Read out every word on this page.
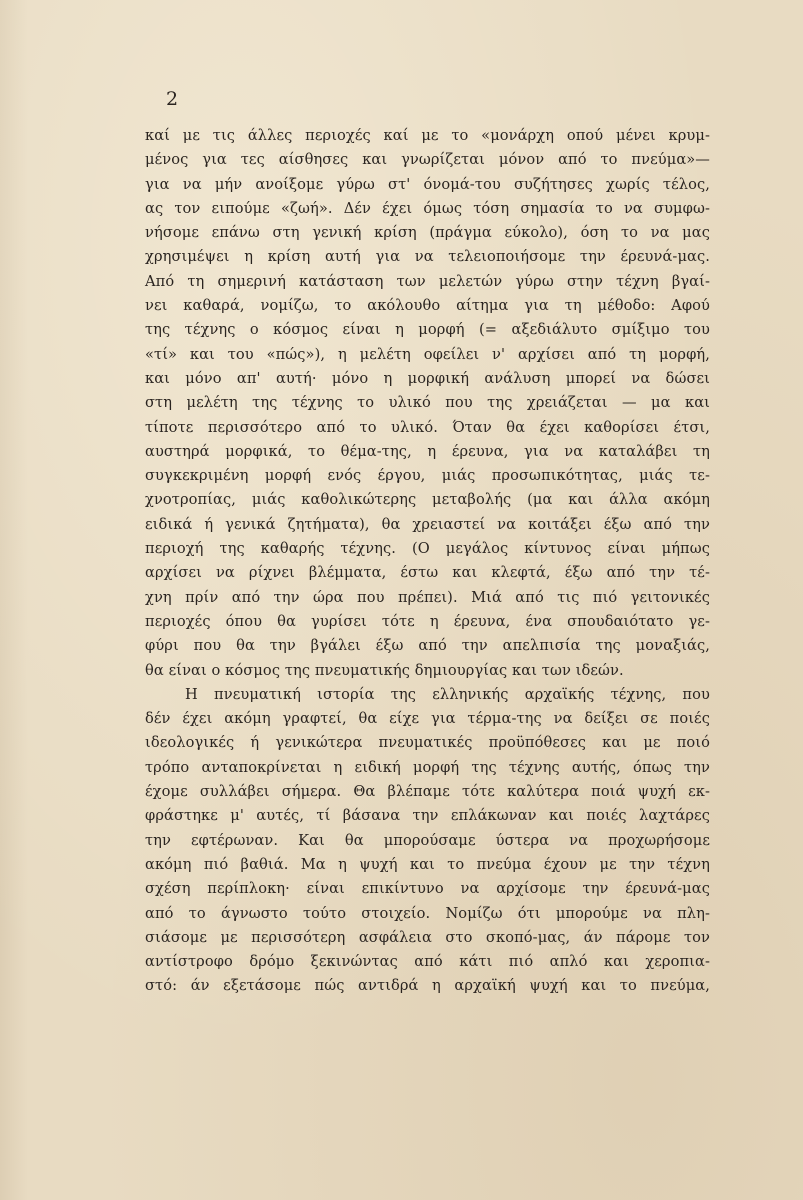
2
καί με τις άλλες περιοχές καί με το «μονάρχη οπού μένει κρυμ-
μένος για τες αίσθησες και γνωρίζεται μόνον από το πνεύμα»—
για να μήν ανοίξομε γύρω στ' όνομά-του συζήτησες χωρίς τέλος,
ας τον ειπούμε «ζωή». Δέν έχει όμως τόση σημασία το να συμφω-
νήσομε επάνω στη γενική κρίση (πράγμα εύκολο), όση το να μας
χρησιμέψει η κρίση αυτή για να τελειοποιήσομε την έρευνά-μας.
Από τη σημερινή κατάσταση των μελετών γύρω στην τέχνη βγαί-
νει καθαρά, νομίζω, το ακόλουθο αίτημα για τη μέθοδο: Αφού
της τέχνης ο κόσμος είναι η μορφή (= αξεδιάλυτο σμίξιμο του
«τί» και του «πώς»), η μελέτη οφείλει ν' αρχίσει από τη μορφή,
και μόνο απ' αυτή· μόνο η μορφική ανάλυση μπορεί να δώσει
στη μελέτη της τέχνης το υλικό που της χρειάζεται — μα και
τίποτε περισσότερο από το υλικό. Όταν θα έχει καθορίσει έτσι,
αυστηρά μορφικά, το θέμα-της, η έρευνα, για να καταλάβει τη
συγκεκριμένη μορφή ενός έργου, μιάς προσωπικότητας, μιάς τε-
χνοτροπίας, μιάς καθολικώτερης μεταβολής (μα και άλλα ακόμη
ειδικά ή γενικά ζητήματα), θα χρειαστεί να κοιτάξει έξω από την
περιοχή της καθαρής τέχνης. (Ο μεγάλος κίντυνος είναι μήπως
αρχίσει να ρίχνει βλέμματα, έστω και κλεφτά, έξω από την τέ-
χνη πρίν από την ώρα που πρέπει). Μιά από τις πιό γειτονικές
περιοχές όπου θα γυρίσει τότε η έρευνα, ένα σπουδαιότατο γε-
φύρι που θα την βγάλει έξω από την απελπισία της μοναξιάς,
θα είναι ο κόσμος της πνευματικής δημιουργίας και των ιδεών.
Η πνευματική ιστορία της ελληνικής αρχαϊκής τέχνης, που
δέν έχει ακόμη γραφτεί, θα είχε για τέρμα-της να δείξει σε ποιές
ιδεολογικές ή γενικώτερα πνευματικές προϋπόθεσες και με ποιό
τρόπο ανταποκρίνεται η ειδική μορφή της τέχνης αυτής, όπως την
έχομε συλλάβει σήμερα. Θα βλέπαμε τότε καλύτερα ποιά ψυχή εκ-
φράστηκε μ' αυτές, τί βάσανα την επλάκωναν και ποιές λαχτάρες
την εφτέρωναν. Και θα μπορούσαμε ύστερα να προχωρήσομε
ακόμη πιό βαθιά. Μα η ψυχή και το πνεύμα έχουν με την τέχνη
σχέση περίπλοκη· είναι επικίντυνο να αρχίσομε την έρευνά-μας
από το άγνωστο τούτο στοιχείο. Νομίζω ότι μπορούμε να πλη-
σιάσομε με περισσότερη ασφάλεια στο σκοπό-μας, άν πάρομε τον
αντίστροφο δρόμο ξεκινώντας από κάτι πιό απλό και χεροπια-
στό: άν εξετάσομε πώς αντιδρά η αρχαϊκή ψυχή και το πνεύμα,
